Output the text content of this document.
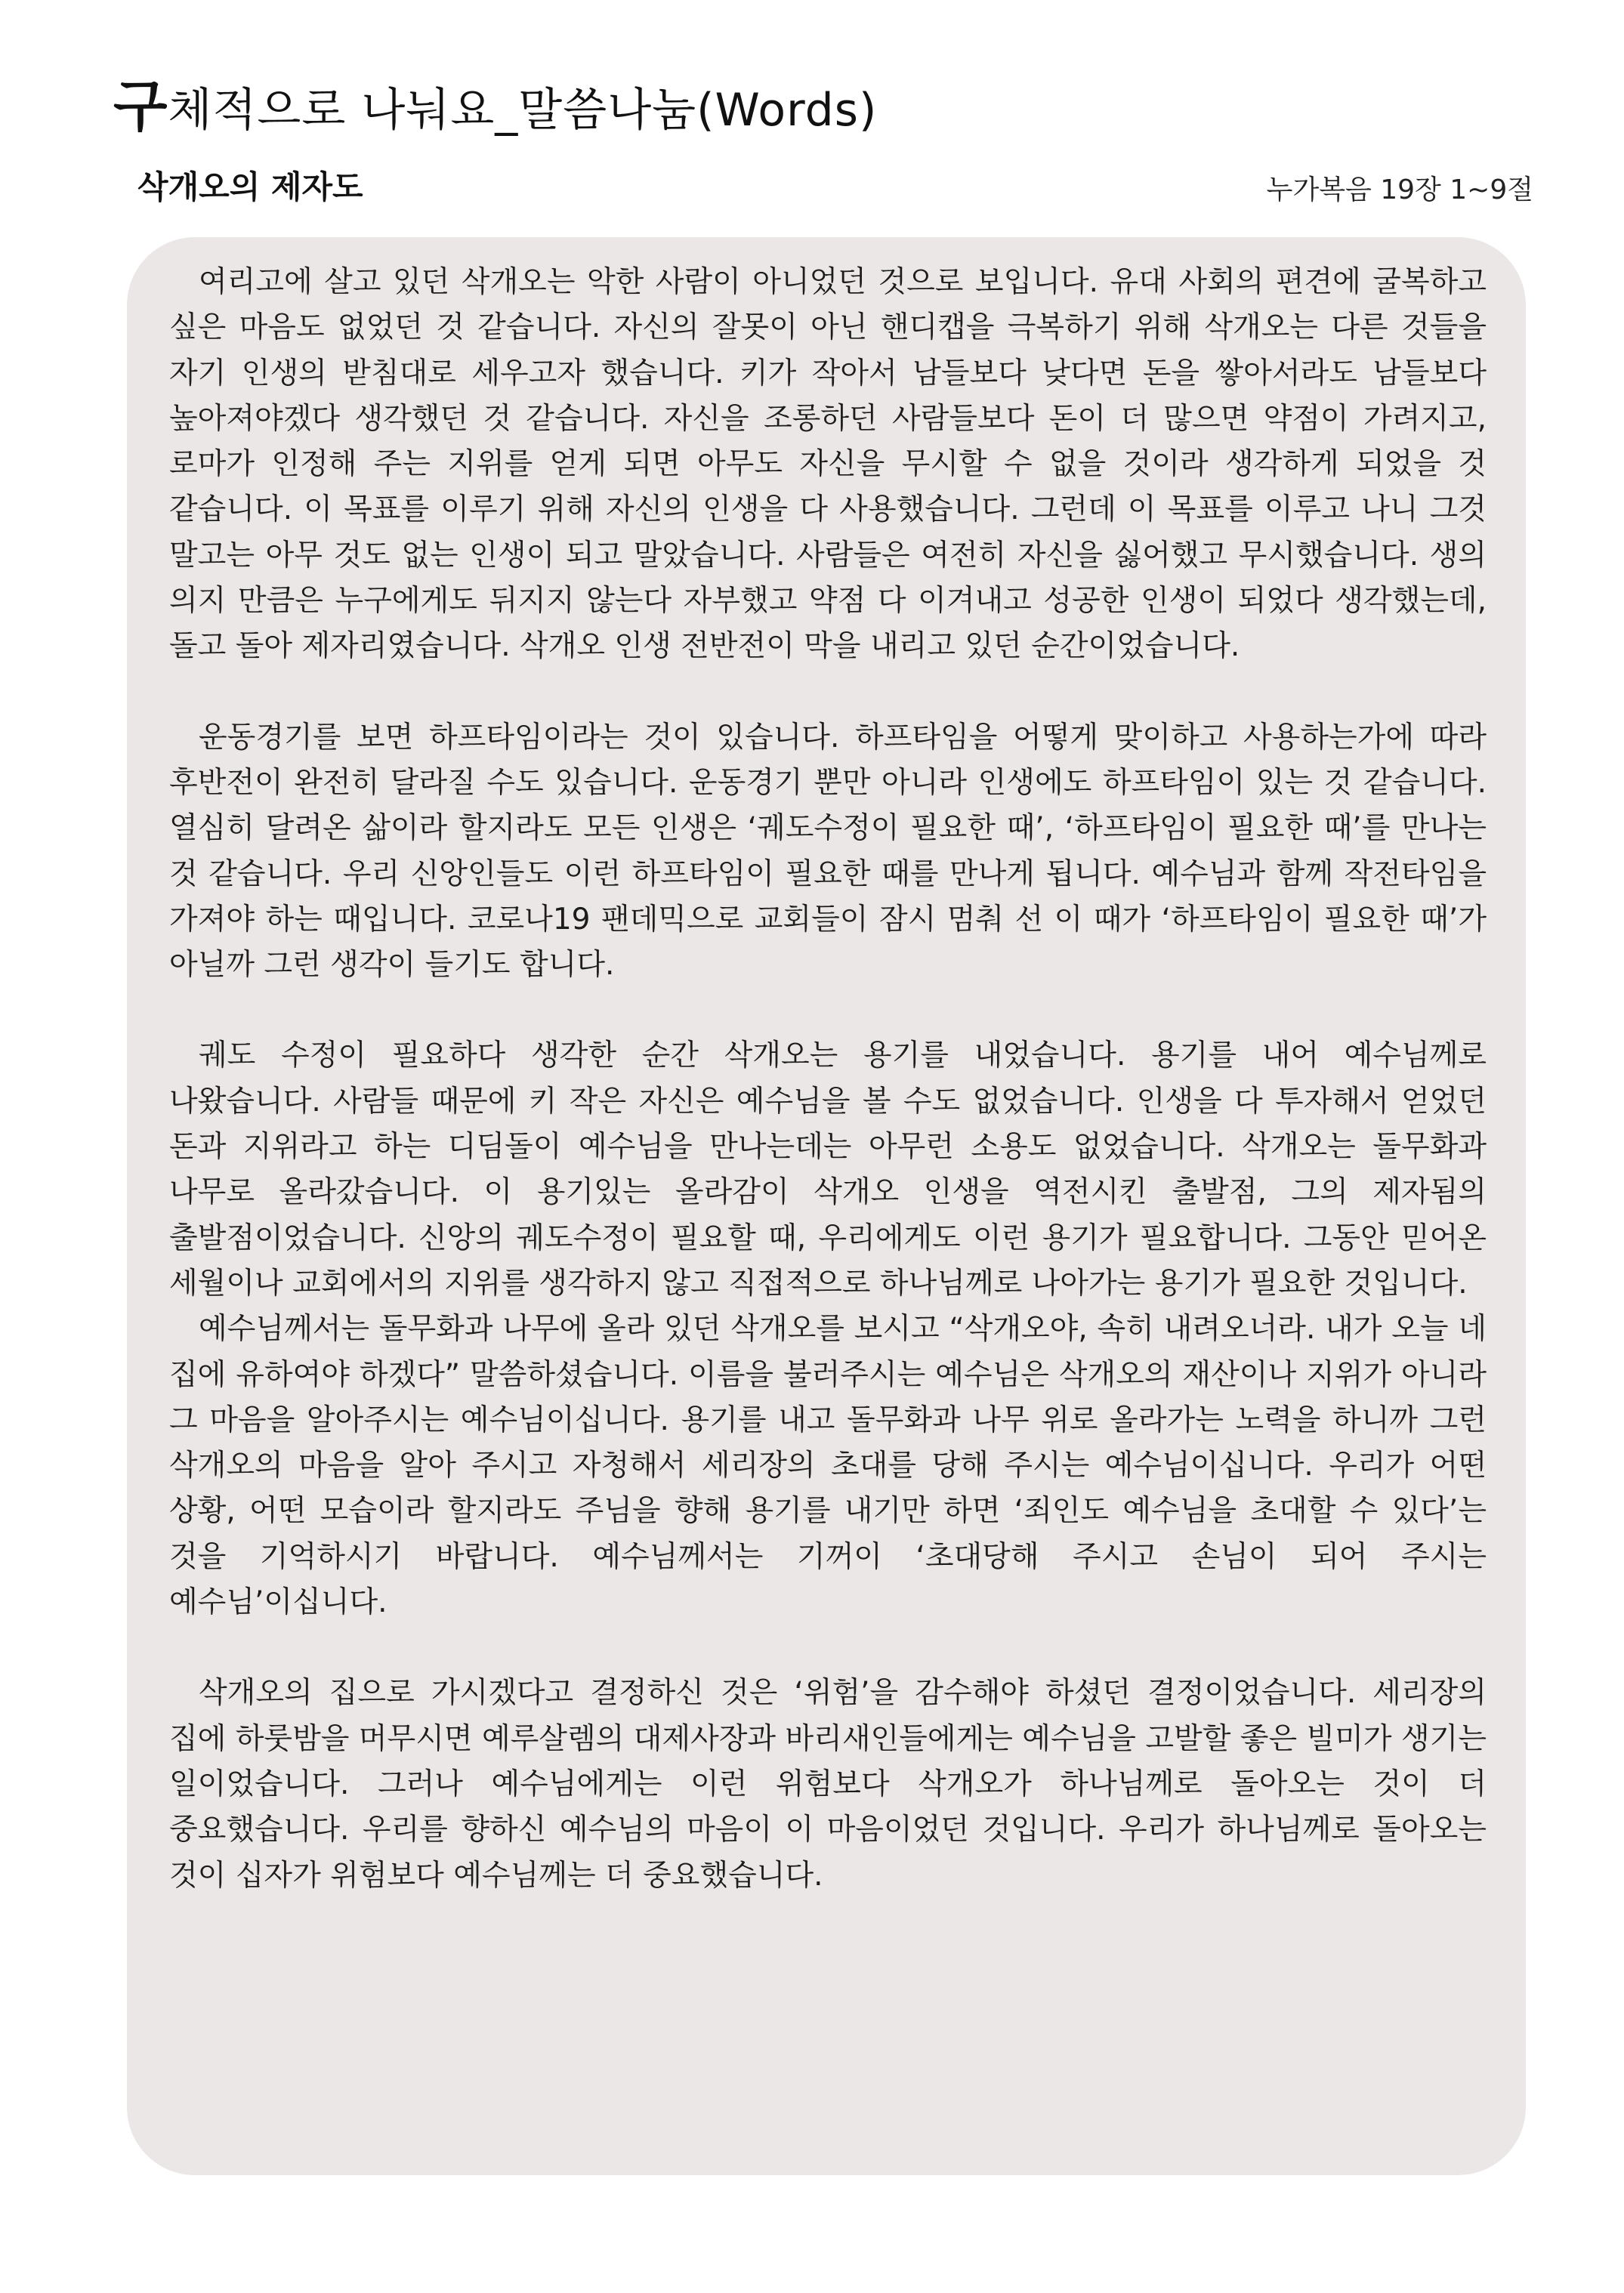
구체적으로 나눠요_말씀나눔(Words)
삭개오의 제자도	누가복음 19장 1~9절

여리고에 살고 있던 삭개오는 악한 사람이 아니었던 것으로 보입니다. 유대 사회의 편견에 굴복하고 싶은 마음도 없었던 것 같습니다. 자신의 잘못이 아닌 핸디캡을 극복하기 위해 삭개오는 다른 것들을 자기 인생의 받침대로 세우고자 했습니다. 키가 작아서 남들보다 낮다면 돈을 쌓아서라도 남들보다 높아져야겠다 생각했던 것 같습니다. 자신을 조롱하던 사람들보다 돈이 더 많으면 약점이 가려지고, 로마가 인정해 주는 지위를 얻게 되면 아무도 자신을 무시할 수 없을 것이라 생각하게 되었을 것 같습니다. 이 목표를 이루기 위해 자신의 인생을 다 사용했습니다. 그런데 이 목표를 이루고 나니 그것 말고는 아무 것도 없는 인생이 되고 말았습니다. 사람들은 여전히 자신을 싫어했고 무시했습니다. 생의 의지 만큼은 누구에게도 뒤지지 않는다 자부했고 약점 다 이겨내고 성공한 인생이 되었다 생각했는데, 돌고 돌아 제자리였습니다. 삭개오 인생 전반전이 막을 내리고 있던 순간이었습니다.

운동경기를 보면 하프타임이라는 것이 있습니다. 하프타임을 어떻게 맞이하고 사용하는가에 따라 후반전이 완전히 달라질 수도 있습니다. 운동경기 뿐만 아니라 인생에도 하프타임이 있는 것 같습니다. 열심히 달려온 삶이라 할지라도 모든 인생은 ‘궤도수정이 필요한 때’, ‘하프타임이 필요한 때’를 만나는 것 같습니다. 우리 신앙인들도 이런 하프타임이 필요한 때를 만나게 됩니다. 예수님과 함께 작전타임을 가져야 하는 때입니다. 코로나19 팬데믹으로 교회들이 잠시 멈춰 선 이 때가 ‘하프타임이 필요한 때’가 아닐까 그런 생각이 들기도 합니다.

궤도 수정이 필요하다 생각한 순간 삭개오는 용기를 내었습니다. 용기를 내어 예수님께로 나왔습니다. 사람들 때문에 키 작은 자신은 예수님을 볼 수도 없었습니다. 인생을 다 투자해서 얻었던 돈과 지위라고 하는 디딤돌이 예수님을 만나는데는 아무런 소용도 없었습니다. 삭개오는 돌무화과 나무로 올라갔습니다. 이 용기있는 올라감이 삭개오 인생을 역전시킨 출발점, 그의 제자됨의 출발점이었습니다. 신앙의 궤도수정이 필요할 때, 우리에게도 이런 용기가 필요합니다. 그동안 믿어온 세월이나 교회에서의 지위를 생각하지 않고 직접적으로 하나님께로 나아가는 용기가 필요한 것입니다.

예수님께서는 돌무화과 나무에 올라 있던 삭개오를 보시고 “삭개오야, 속히 내려오너라. 내가 오늘 네 집에 유하여야 하겠다” 말씀하셨습니다. 이름을 불러주시는 예수님은 삭개오의 재산이나 지위가 아니라 그 마음을 알아주시는 예수님이십니다. 용기를 내고 돌무화과 나무 위로 올라가는 노력을 하니까 그런 삭개오의 마음을 알아 주시고 자청해서 세리장의 초대를 당해 주시는 예수님이십니다. 우리가 어떤 상황, 어떤 모습이라 할지라도 주님을 향해 용기를 내기만 하면 ‘죄인도 예수님을 초대할 수 있다’는 것을 기억하시기 바랍니다. 예수님께서는 기꺼이 ‘초대당해 주시고 손님이 되어 주시는 예수님’이십니다.

삭개오의 집으로 가시겠다고 결정하신 것은 ‘위험’을 감수해야 하셨던 결정이었습니다. 세리장의 집에 하룻밤을 머무시면 예루살렘의 대제사장과 바리새인들에게는 예수님을 고발할 좋은 빌미가 생기는 일이었습니다. 그러나 예수님에게는 이런 위험보다 삭개오가 하나님께로 돌아오는 것이 더 중요했습니다. 우리를 향하신 예수님의 마음이 이 마음이었던 것입니다. 우리가 하나님께로 돌아오는 것이 십자가 위험보다 예수님께는 더 중요했습니다.
